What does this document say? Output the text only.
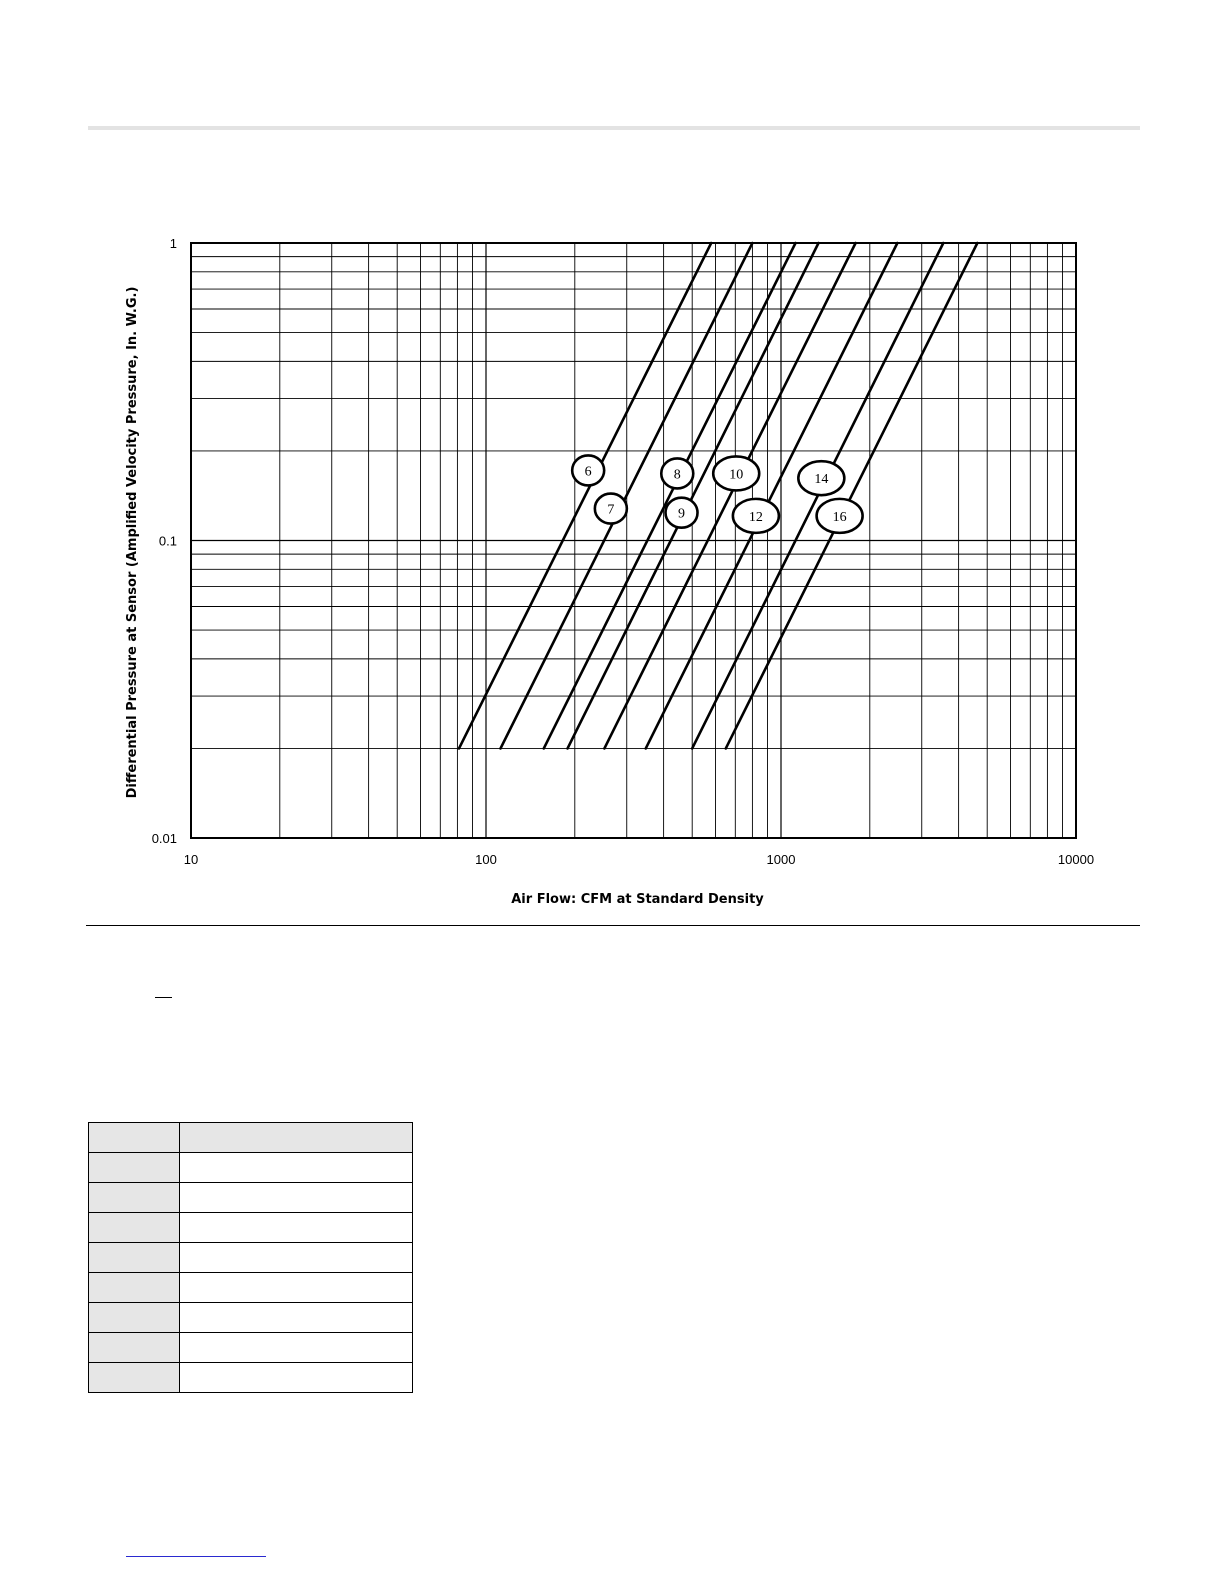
6
7
8
9
10
12
14
16
10	100	1000	10000
0.01
0.1
1
Air Flow: CFM at Standard Density
Differential Pressure at Sensor (Amplified Velocity Pressure, In. W.G.)
